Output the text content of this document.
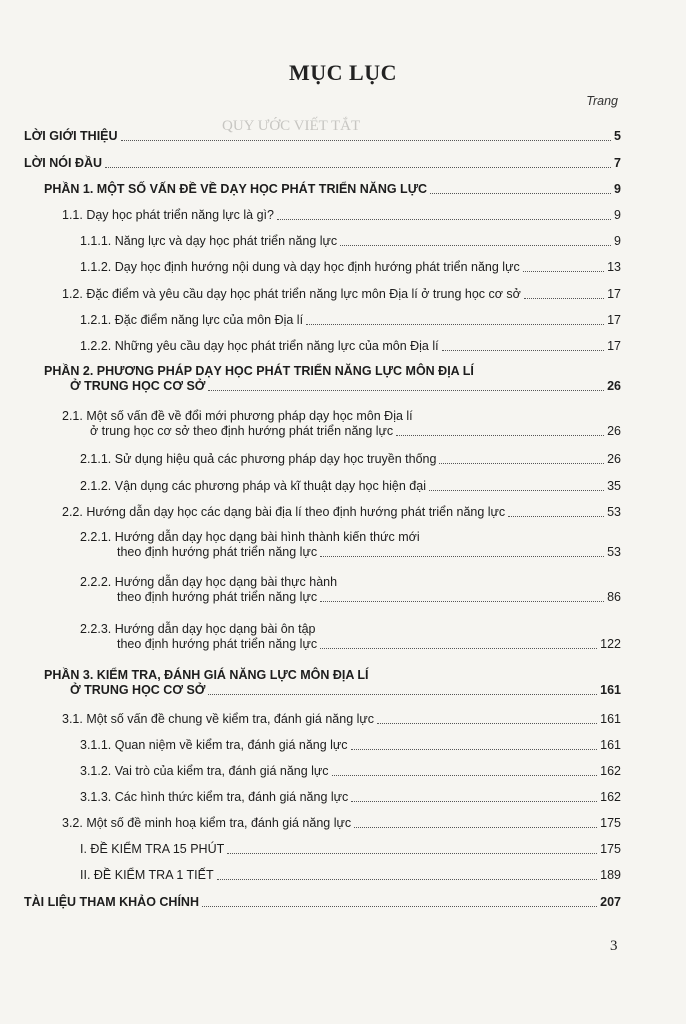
QUY ƯỚC VIẾT TẮT
MỤC LỤC
Trang
LỜI GIỚI THIỆU	5
LỜI NÓI ĐẦU	7
PHẦN 1. MỘT SỐ VẤN ĐỀ VỀ DẠY HỌC PHÁT TRIỂN NĂNG LỰC	9
1.1. Dạy học phát triển năng lực là gì?	9
1.1.1. Năng lực và dạy học phát triển năng lực	9
1.1.2. Dạy học định hướng nội dung và dạy học định hướng phát triển năng lực	13
1.2. Đặc điểm và yêu cầu dạy học phát triển năng lực môn Địa lí ở trung học cơ sở	17
1.2.1. Đặc điểm năng lực của môn Địa lí	17
1.2.2. Những yêu cầu dạy học phát triển năng lực của môn Địa lí	17
PHẦN 2. PHƯƠNG PHÁP DẠY HỌC PHÁT TRIỂN NĂNG LỰC MÔN ĐỊA LÍ
Ở TRUNG HỌC CƠ SỞ	26
2.1. Một số vấn đề về đổi mới phương pháp dạy học môn Địa lí
ở trung học cơ sở theo định hướng phát triển năng lực	26
2.1.1. Sử dụng hiệu quả các phương pháp dạy học truyền thống	26
2.1.2. Vận dụng các phương pháp và kĩ thuật dạy học hiện đại	35
2.2. Hướng dẫn dạy học các dạng bài địa lí theo định hướng phát triển năng lực	53
2.2.1. Hướng dẫn dạy học dạng bài hình thành kiến thức mới
theo định hướng phát triển năng lực	53
2.2.2. Hướng dẫn dạy học dạng bài thực hành
theo định hướng phát triển năng lực	86
2.2.3. Hướng dẫn dạy học dạng bài ôn tập
theo định hướng phát triển năng lực	122
PHẦN 3. KIỂM TRA, ĐÁNH GIÁ NĂNG LỰC MÔN ĐỊA LÍ
Ở TRUNG HỌC CƠ SỞ	161
3.1. Một số vấn đề chung về kiểm tra, đánh giá năng lực	161
3.1.1. Quan niệm về kiểm tra, đánh giá năng lực	161
3.1.2. Vai trò của kiểm tra, đánh giá năng lực	162
3.1.3. Các hình thức kiểm tra, đánh giá năng lực	162
3.2. Một số đề minh hoạ kiểm tra, đánh giá năng lực	175
I. ĐỀ KIỂM TRA 15 PHÚT	175
II. ĐỀ KIỂM TRA 1 TIẾT	189
TÀI LIỆU THAM KHẢO CHÍNH	207
3
